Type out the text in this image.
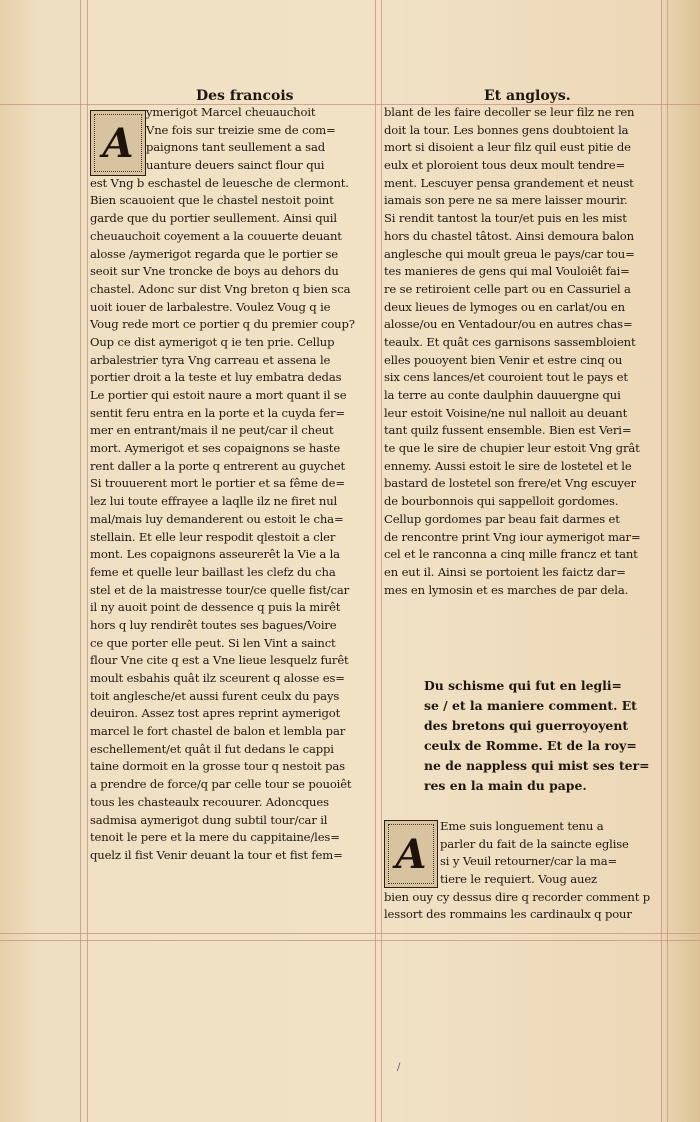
Des francois	Et angloys.
A
ymerigot Marcel cheuauchoit
Vne fois sur treizie sme de com=
paignons tant seullement a sad
uanture deuers sainct flour qui
est Vng b eschastel de leuesche de clermont.
Bien scauoient que le chastel nestoit point
garde que du portier seullement. Ainsi quil
cheuauchoit coyement a la couuerte deuant
alosse /aymerigot regarda que le portier se
seoit sur Vne troncke de boys au dehors du
chastel. Adonc sur dist Vng breton q bien sca
uoit iouer de larbalestre. Voulez Voug q ie
Voug rede mort ce portier q du premier coup?
Oup ce dist aymerigot q ie ten prie. Cellup
arbalestrier tyra Vng carreau et assena le
portier droit a la teste et luy embatra dedas
Le portier qui estoit naure a mort quant il se
sentit feru entra en la porte et la cuyda fer=
mer en entrant/mais il ne peut/car il cheut
mort. Aymerigot et ses copaignons se haste
rent daller a la porte q entrerent au guychet
Si trouuerent mort le portier et sa fême de=
lez lui toute effrayee a laqlle ilz ne firet nul
mal/mais luy demanderent ou estoit le cha=
stellain. Et elle leur respodit qlestoit a cler
mont. Les copaignons asseurerêt la Vie a la
feme et quelle leur baillast les clefz du cha
stel et de la maistresse tour/ce quelle fist/car
il ny auoit point de dessence q puis la mirêt
hors q luy rendirêt toutes ses bagues/Voire
ce que porter elle peut. Si len Vint a sainct
flour Vne cite q est a Vne lieue lesquelz furêt
moult esbahis quât ilz sceurent q alosse es=
toit anglesche/et aussi furent ceulx du pays
deuiron. Assez tost apres reprint aymerigot
marcel le fort chastel de balon et lembla par
eschellement/et quât il fut dedans le cappi
taine dormoit en la grosse tour q nestoit pas
a prendre de force/q par celle tour se pouoiêt
tous les chasteaulx recouurer. Adoncques
sadmisa aymerigot dung subtil tour/car il
tenoit le pere et la mere du cappitaine/les=
quelz il fist Venir deuant la tour et fist fem=
blant de les faire decoller se leur filz ne ren
doit la tour. Les bonnes gens doubtoient la
mort si disoient a leur filz quil eust pitie de
eulx et ploroient tous deux moult tendre=
ment. Lescuyer pensa grandement et neust
iamais son pere ne sa mere laisser mourir.
Si rendit tantost la tour/et puis en les mist
hors du chastel tâtost. Ainsi demoura balon
anglesche qui moult greua le pays/car tou=
tes manieres de gens qui mal Vouloiêt fai=
re se retiroient celle part ou en Cassuriel a
deux lieues de lymoges ou en carlat/ou en
alosse/ou en Ventadour/ou en autres chas=
teaulx. Et quât ces garnisons sassembloient
elles pouoyent bien Venir et estre cinq ou
six cens lances/et couroient tout le pays et
la terre au conte daulphin dauuergne qui
leur estoit Voisine/ne nul nalloit au deuant
tant quilz fussent ensemble. Bien est Veri=
te que le sire de chupier leur estoit Vng grât
ennemy. Aussi estoit le sire de lostetel et le
bastard de lostetel son frere/et Vng escuyer
de bourbonnois qui sappelloit gordomes.
Cellup gordomes par beau fait darmes et
de rencontre print Vng iour aymerigot mar=
cel et le ranconna a cinq mille francz et tant
en eut il. Ainsi se portoient les faictz dar=
mes en lymosin et es marches de par dela.
Du schisme qui fut en legli=
se / et la maniere comment. Et
des bretons qui guerroyoyent
ceulx de Romme. Et de la roy=
ne de nappless qui mist ses ter=
res en la main du pape.
A
Eme suis longuement tenu a
parler du fait de la saincte eglise
si y Veuil retourner/car la ma=
tiere le requiert. Voug auez
bien ouy cy dessus dire q recorder comment p
lessort des rommains les cardinaulx q pour
/
